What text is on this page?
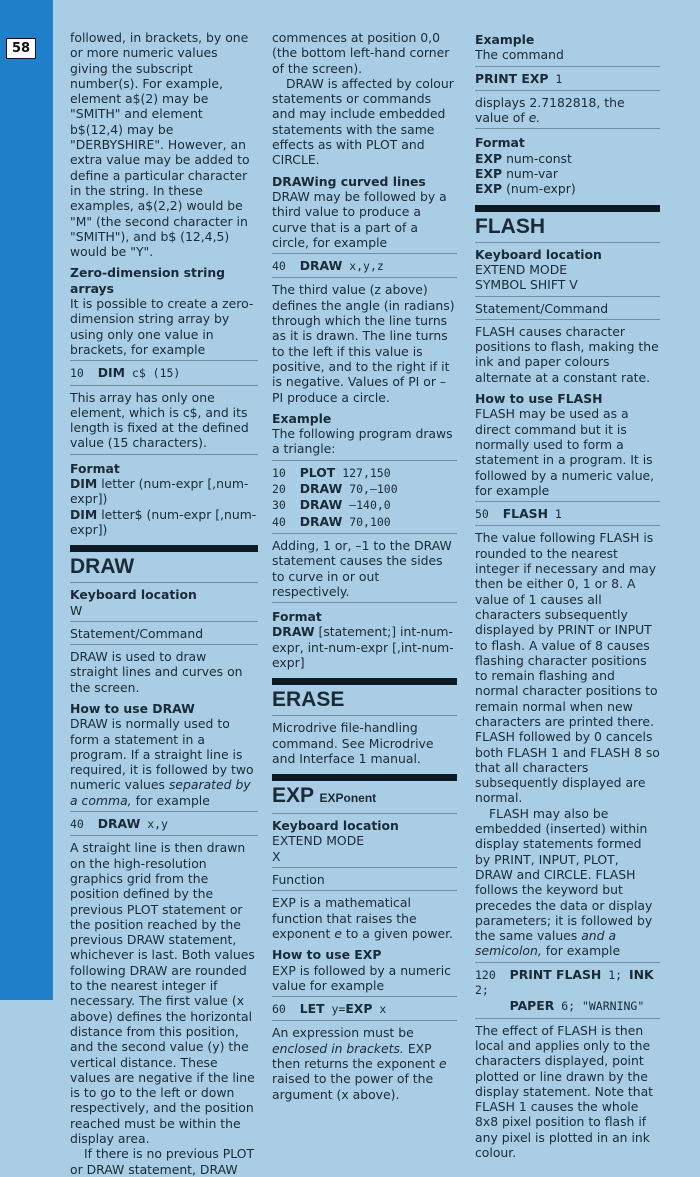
58

followed, in brackets, by one or more numeric values giving the subscript number(s). For example, element a$(2) may be "SMITH" and element b$(12,4) may be "DERBYSHIRE". However, an extra value may be added to define a particular character in the string. In these examples, a$(2,2) would be "M" (the second character in "SMITH"), and b$ (12,4,5) would be "Y".

Zero-dimension string arrays

It is possible to create a zero-dimension string array by using only one value in brackets, for example

10 DIM c$ (15)

This array has only one element, which is c$, and its length is fixed at the defined value (15 characters).

Format

DIM letter (num-expr [,num-expr])

DIM letter$ (num-expr [,num-expr])

DRAW

Keyboard location

W

Statement/Command

DRAW is used to draw straight lines and curves on the screen.

How to use DRAW

DRAW is normally used to form a statement in a program. If a straight line is required, it is followed by two numeric values separated by a comma, for example

40 DRAW x,y

A straight line is then drawn on the high-resolution graphics grid from the position defined by the previous PLOT statement or the position reached by the previous DRAW statement, whichever is last. Both values following DRAW are rounded to the nearest integer if necessary. The first value (x above) defines the horizontal distance from this position, and the second value (y) the vertical distance. These values are negative if the line is to go to the left or down respectively, and the position reached must be within the display area.

If there is no previous PLOT or DRAW statement, DRAW

commences at position 0,0 (the bottom left-hand corner of the screen).

DRAW is affected by colour statements or commands and may include embedded statements with the same effects as with PLOT and CIRCLE.

DRAWing curved lines

DRAW may be followed by a third value to produce a curve that is a part of a circle, for example

40 DRAW x,y,z

The third value (z above) defines the angle (in radians) through which the line turns as it is drawn. The line turns to the left if this value is positive, and to the right if it is negative. Values of PI or –PI produce a circle.

Example

The following program draws a triangle:

10 PLOT 127,150

20 DRAW 70,–100

30 DRAW –140,0

40 DRAW 70,100

Adding, 1 or, –1 to the DRAW statement causes the sides to curve in or out respectively.

Format

DRAW [statement;] int-num-expr, int-num-expr [,int-num-expr]

ERASE

Microdrive file-handling command. See Microdrive and Interface 1 manual.

EXP EXPonent

Keyboard location

EXTEND MODE

X

Function

EXP is a mathematical function that raises the exponent e to a given power.

How to use EXP

EXP is followed by a numeric value for example

60 LET y=EXP x

An expression must be enclosed in brackets. EXP then returns the exponent e raised to the power of the argument (x above).

Example

The command

PRINT EXP 1

displays 2.7182818, the value of e.

Format

EXP num-const

EXP num-var

EXP (num-expr)

FLASH

Keyboard location

EXTEND MODE

SYMBOL SHIFT V

Statement/Command

FLASH causes character positions to flash, making the ink and paper colours alternate at a constant rate.

How to use FLASH

FLASH may be used as a direct command but it is normally used to form a statement in a program. It is followed by a numeric value, for example

50 FLASH 1

The value following FLASH is rounded to the nearest integer if necessary and may then be either 0, 1 or 8. A value of 1 causes all characters subsequently displayed by PRINT or INPUT to flash. A value of 8 causes flashing character positions to remain flashing and normal character positions to remain normal when new characters are printed there. FLASH followed by 0 cancels both FLASH 1 and FLASH 8 so that all characters subsequently displayed are normal.

FLASH may also be embedded (inserted) within display statements formed by PRINT, INPUT, PLOT, DRAW and CIRCLE. FLASH follows the keyword but precedes the data or display parameters; it is followed by the same values and a semicolon, for example

120 PRINT FLASH 1; INK 2;
PAPER 6; "WARNING"

The effect of FLASH is then local and applies only to the characters displayed, point plotted or line drawn by the display statement. Note that FLASH 1 causes the whole 8x8 pixel position to flash if any pixel is plotted in an ink colour.
